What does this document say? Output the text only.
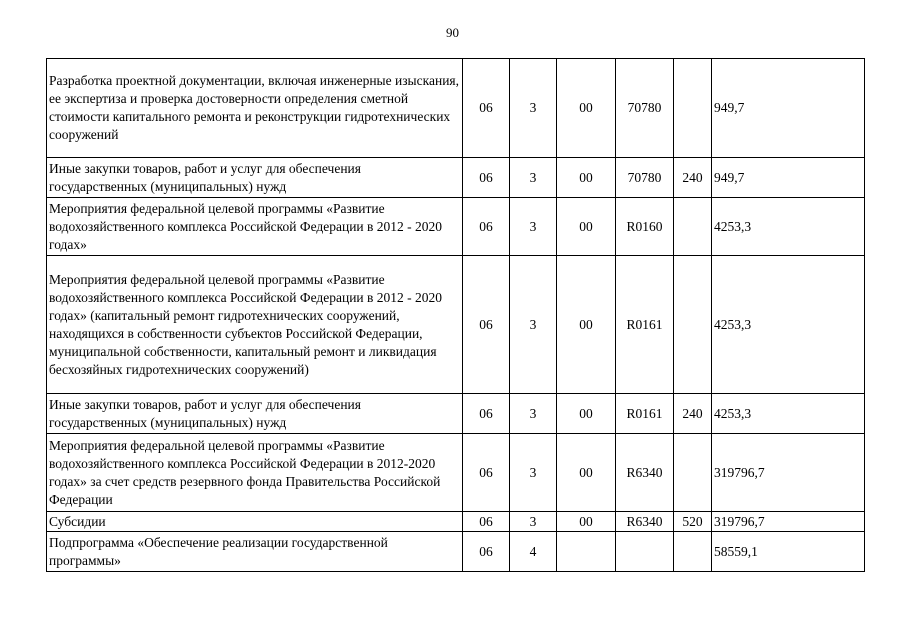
90
Разработка проектной документации, включая инженерные изыскания, ее экспертиза и проверка достоверности определения сметной стоимости капитального ремонта и реконструкции гидротехнических сооружений	06	3	00	70780		949,7
Иные закупки товаров, работ и услуг для обеспечения государственных (муниципальных) нужд	06	3	00	70780	240	949,7
Мероприятия федеральной целевой программы «Развитие водохозяйственного комплекса Российской Федерации в 2012 - 2020 годах»	06	3	00	R0160		4253,3
Мероприятия федеральной целевой программы «Развитие водохозяйственного комплекса Российской Федерации в 2012 - 2020 годах» (капитальный ремонт гидротехнических сооружений, находящихся в собственности субъектов Российской Федерации, муниципальной собственности, капитальный ремонт и ликвидация бесхозяйных гидротехнических сооружений)	06	3	00	R0161		4253,3
Иные закупки товаров, работ и услуг для обеспечения государственных (муниципальных) нужд	06	3	00	R0161	240	4253,3
Мероприятия федеральной целевой программы «Развитие водохозяйственного комплекса Российской Федерации в 2012-2020 годах» за счет средств резервного фонда Правительства Российской Федерации	06	3	00	R6340		319796,7
Субсидии	06	3	00	R6340	520	319796,7
Подпрограмма «Обеспечение реализации государственной программы»	06	4				58559,1
